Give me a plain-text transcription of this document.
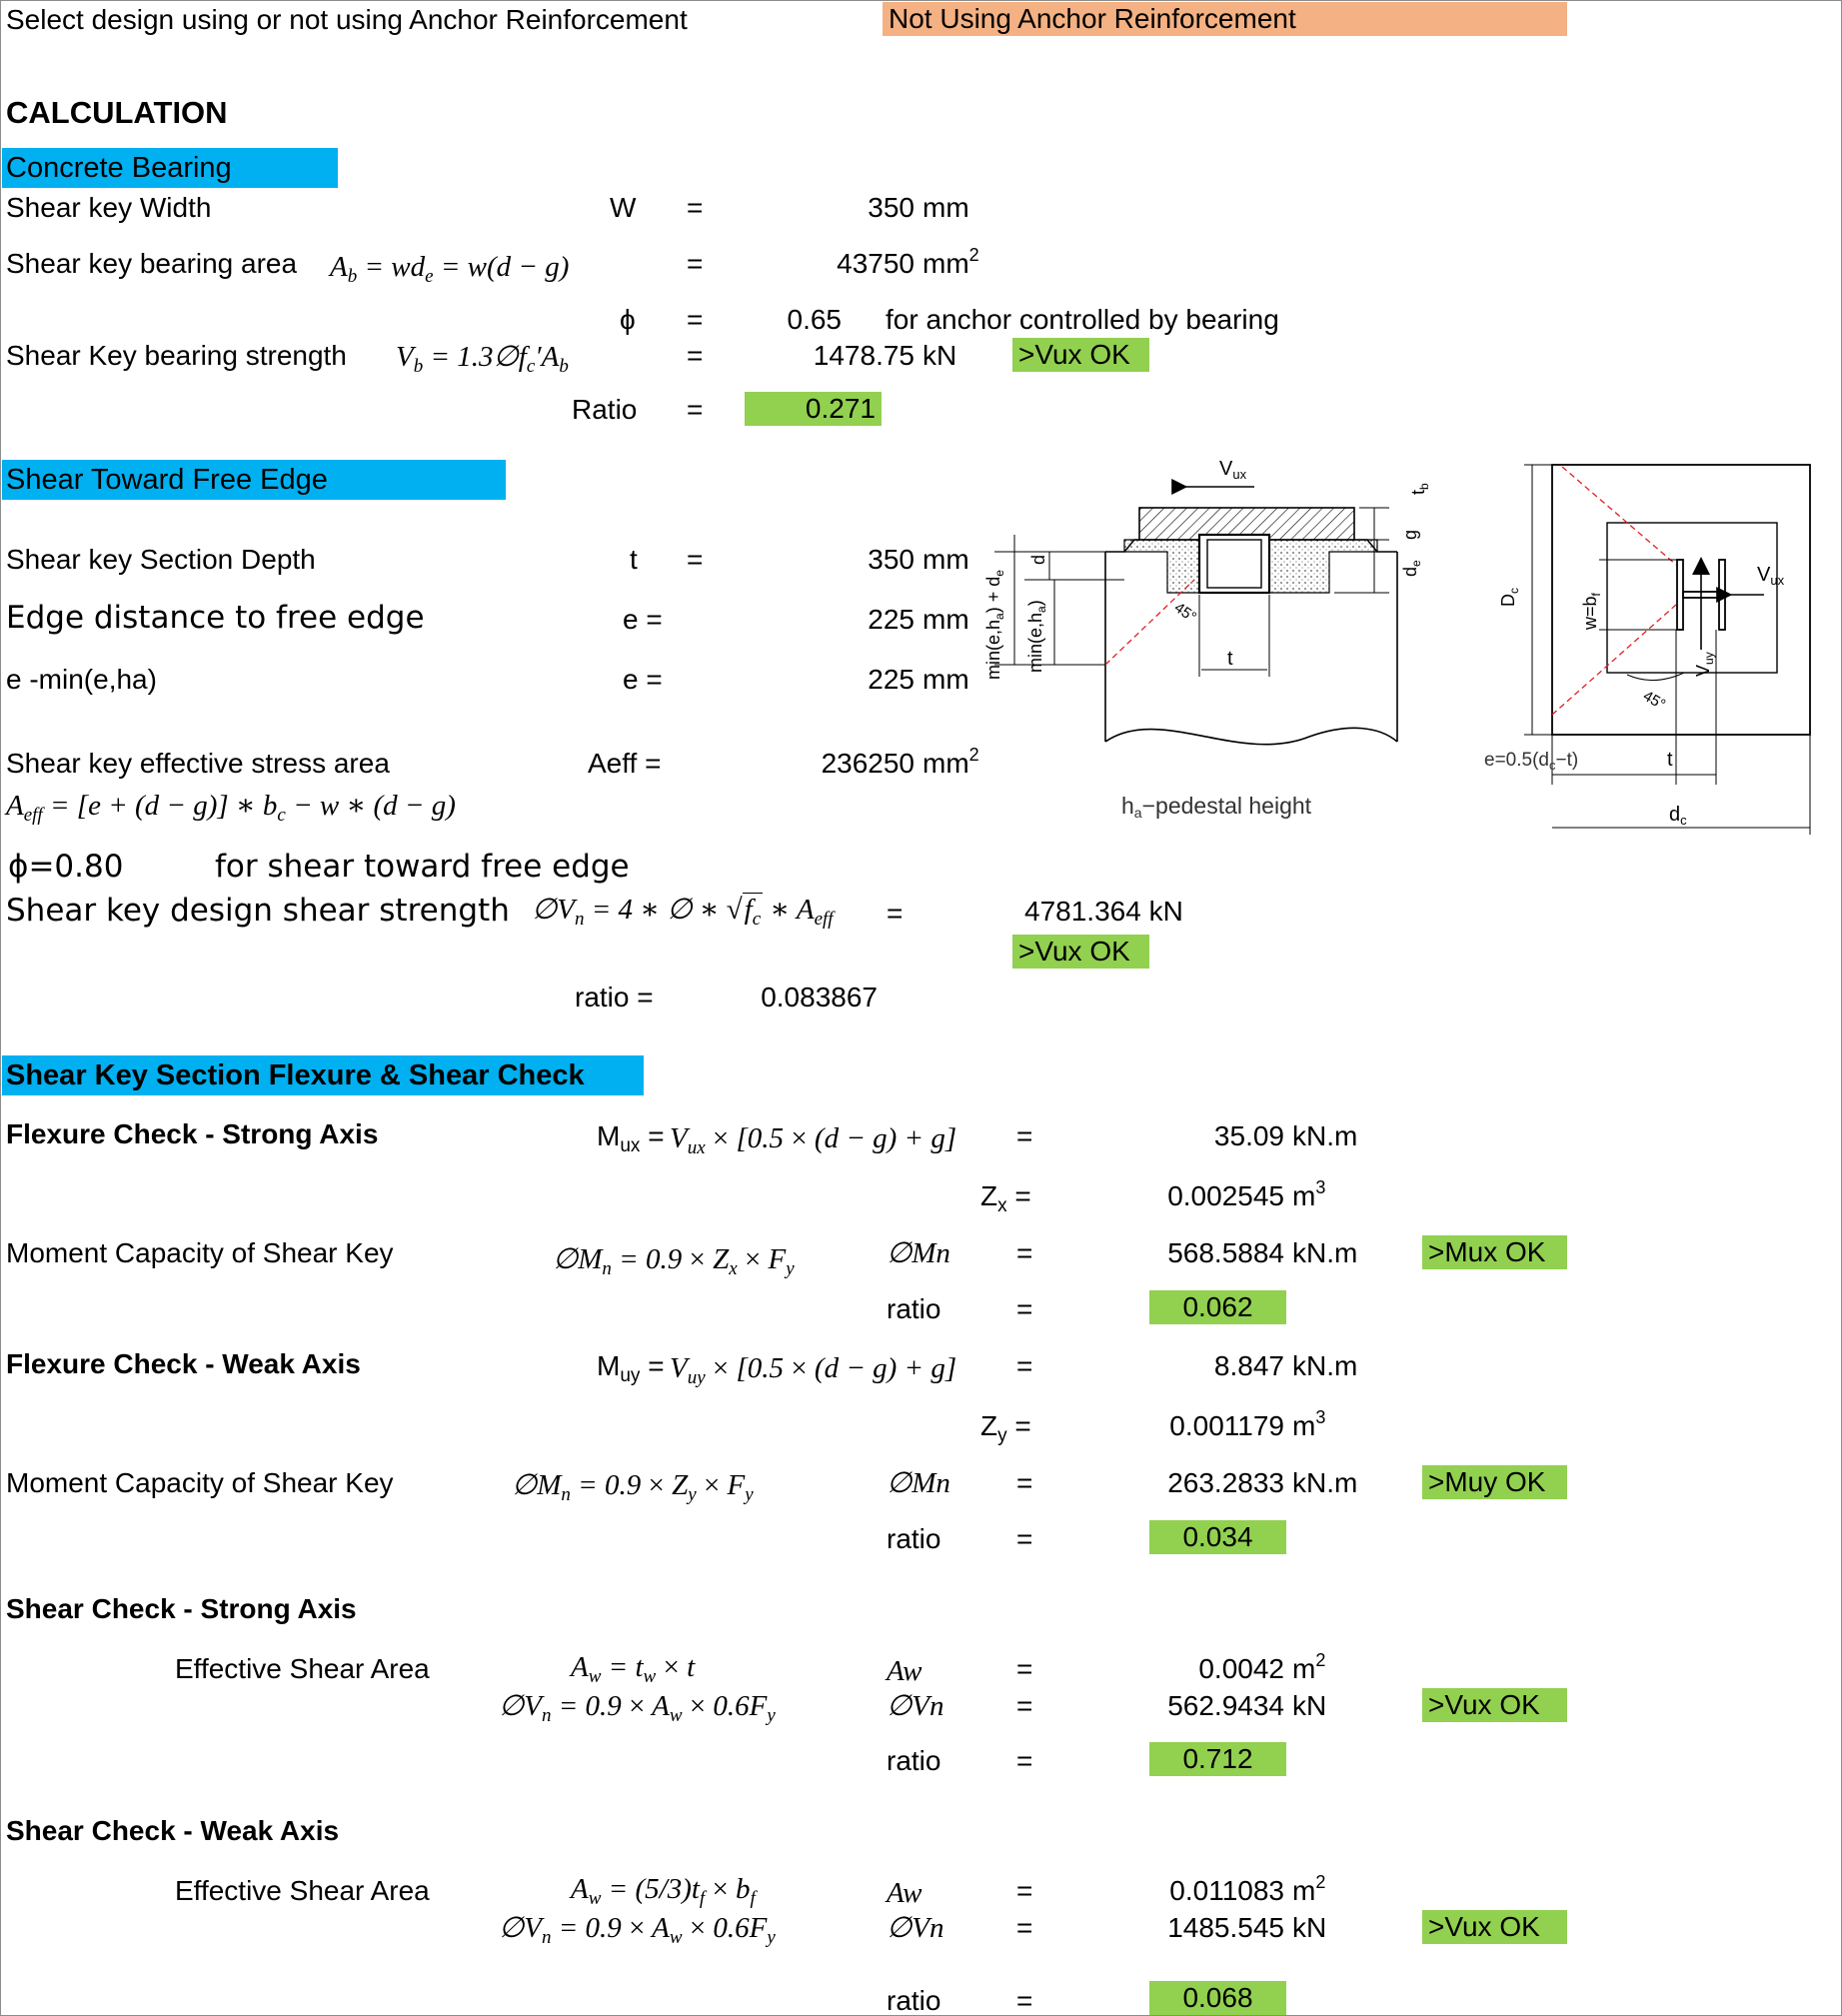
Select design using or not using Anchor Reinforcement	Not Using Anchor Reinforcement
CALCULATION
Concrete Bearing
Shear key Width	W =	350 mm
Shear key bearing area $A_b = wd_e = w(d - g)$	=	43750 $mm^2$
ϕ =	0.65 for anchor controlled by bearing
Shear Key bearing strength $V_b$ = $1.3\emptyset f_c'A_b$	=	1478.75 kN >Vux OK
Ratio =	0.271
Shear Toward Free Edge
Shear key Section Depth	t =	350 mm
Edge distance to free edge	e =	225 mm
e -min(e,ha)	e =	225 mm
Shear key effective stress area	Aeff =	236250 $mm^2$
$A_{eff} = [e + (d - g)]$ ∗ $b_c - w$ ∗ (d − g)
ϕ=0.80	for shear toward free edge
Shear key design shear strength $\emptyset V_n = 4$ ∗ ∅ ∗ $√f_c$ ∗ $A_{eff}$ =	4781.364 kN
>Vux OK
ratio =	0.083867
$V_{ux}$
45°
t
$\min(e,h_a) + d_e$
$\min(e,h_a)$
d
$t_b$
g
$d_e$
ha−pedestal height
$V_{uy}$
$V_{ux}$
45°
$w=b_f$
$D_c$
$e=0.5(d_c-t)$	t
$d_c$
Shear Key Section Flexure & Shear Check
Flexure Check - Strong Axis	$M_{ux} = V_{ux} \times [0.5 \times (d - g) + g]$ =	35.09 kN.m
$Z_x$ =	0.002545 $m^3$
Moment Capacity of Shear Key	$\emptyset M_n = 0.9 \times Z_x \times F_y$	∅Mn =	568.5884 kN.m	>Mux OK
ratio	=	0.062
Flexure Check - Weak Axis	$M_{uy} = V_{uy} \times [0.5 \times (d - g) + g]$ =	8.847 kN.m
$Z_y$ =	0.001179 $m^3$
Moment Capacity of Shear Key	$\emptyset M_n = 0.9 \times Z_y \times F_y$	∅Mn =	263.2833 kN.m	>Muy OK
ratio	=	0.034
Shear Check - Strong Axis
Effective Shear Area	$A_w = t_w \times t$	Aw	=	0.0042 $m^2$
$\emptyset V_n = 0.9 \times A_w \times 0.6F_y$	∅Vn	=	562.9434 kN	>Vux OK
ratio	=	0.712
Shear Check - Weak Axis
Effective Shear Area	$A_w = (5/3)t_f \times b_f$	Aw	=	0.011083 $m^2$
$\emptyset V_n = 0.9 \times A_w \times 0.6F_y$	∅Vn	=	1485.545 kN	>Vux OK
ratio	=	0.068
